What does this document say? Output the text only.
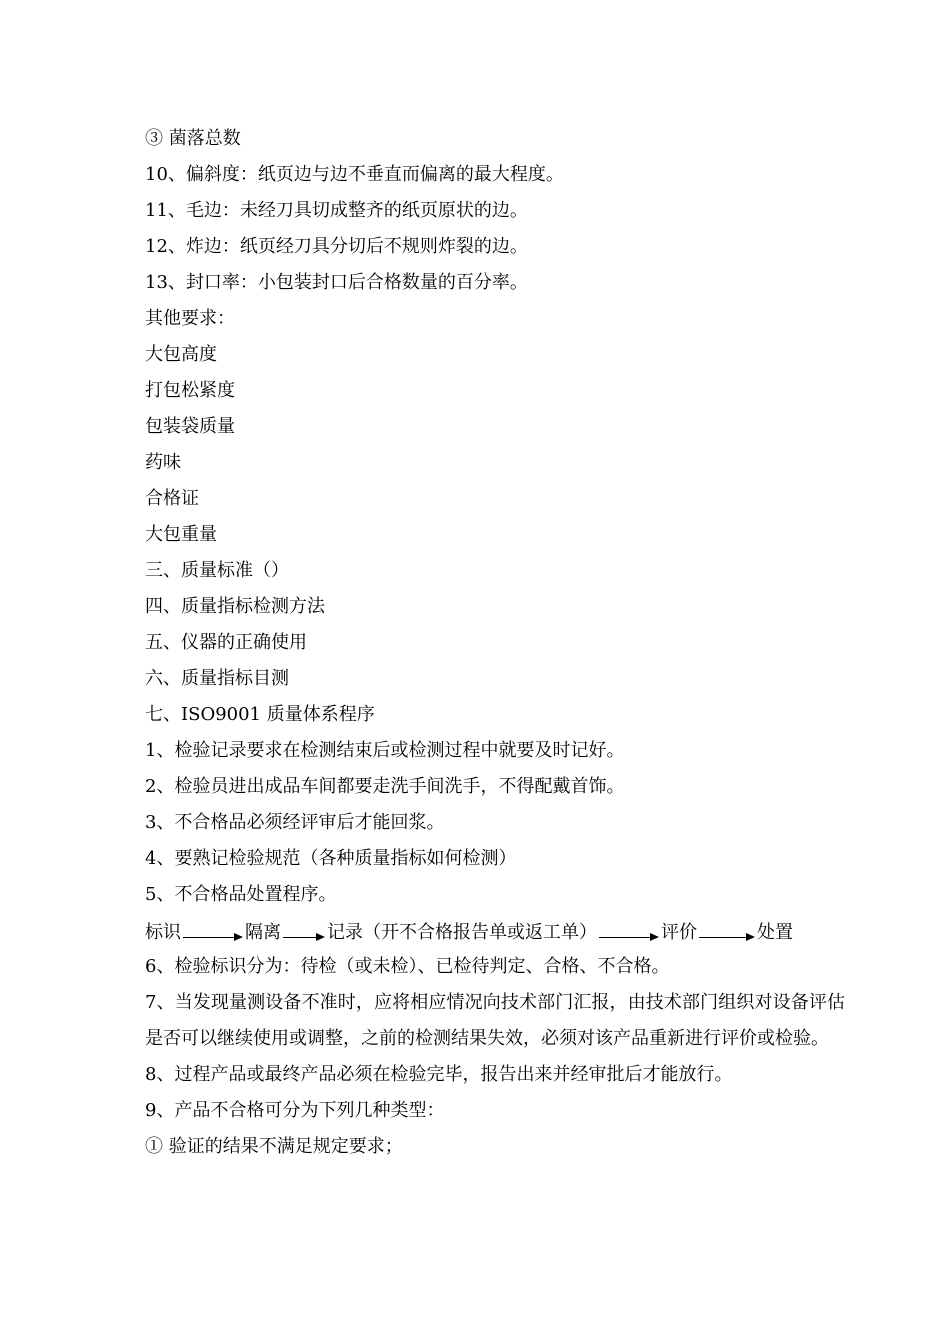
③ 菌落总数
10、偏斜度：纸页边与边不垂直而偏离的最大程度。
11、毛边：未经刀具切成整齐的纸页原状的边。
12、炸边：纸页经刀具分切后不规则炸裂的边。
13、封口率：小包装封口后合格数量的百分率。
其他要求：
大包高度
打包松紧度
包装袋质量
药味
合格证
大包重量
三、质量标准（）
四、质量指标检测方法
五、仪器的正确使用
六、质量指标目测
七、ISO9001 质量体系程序
1、检验记录要求在检测结束后或检测过程中就要及时记好。
2、检验员进出成品车间都要走洗手间洗手，不得配戴首饰。
3、不合格品必须经评审后才能回浆。
4、要熟记检验规范（各种质量指标如何检测）
5、不合格品处置程序。
标识	隔离	记录（开不合格报告单或返工单）	评价	处置
6、检验标识分为：待检（或未检）、已检待判定、合格、不合格。
7、当发现量测设备不准时，应将相应情况向技术部门汇报，由技术部门组织对设备评估是否可以继续使用或调整，之前的检测结果失效，必须对该产品重新进行评价或检验。
8、过程产品或最终产品必须在检验完毕，报告出来并经审批后才能放行。
9、产品不合格可分为下列几种类型：
① 验证的结果不满足规定要求；
